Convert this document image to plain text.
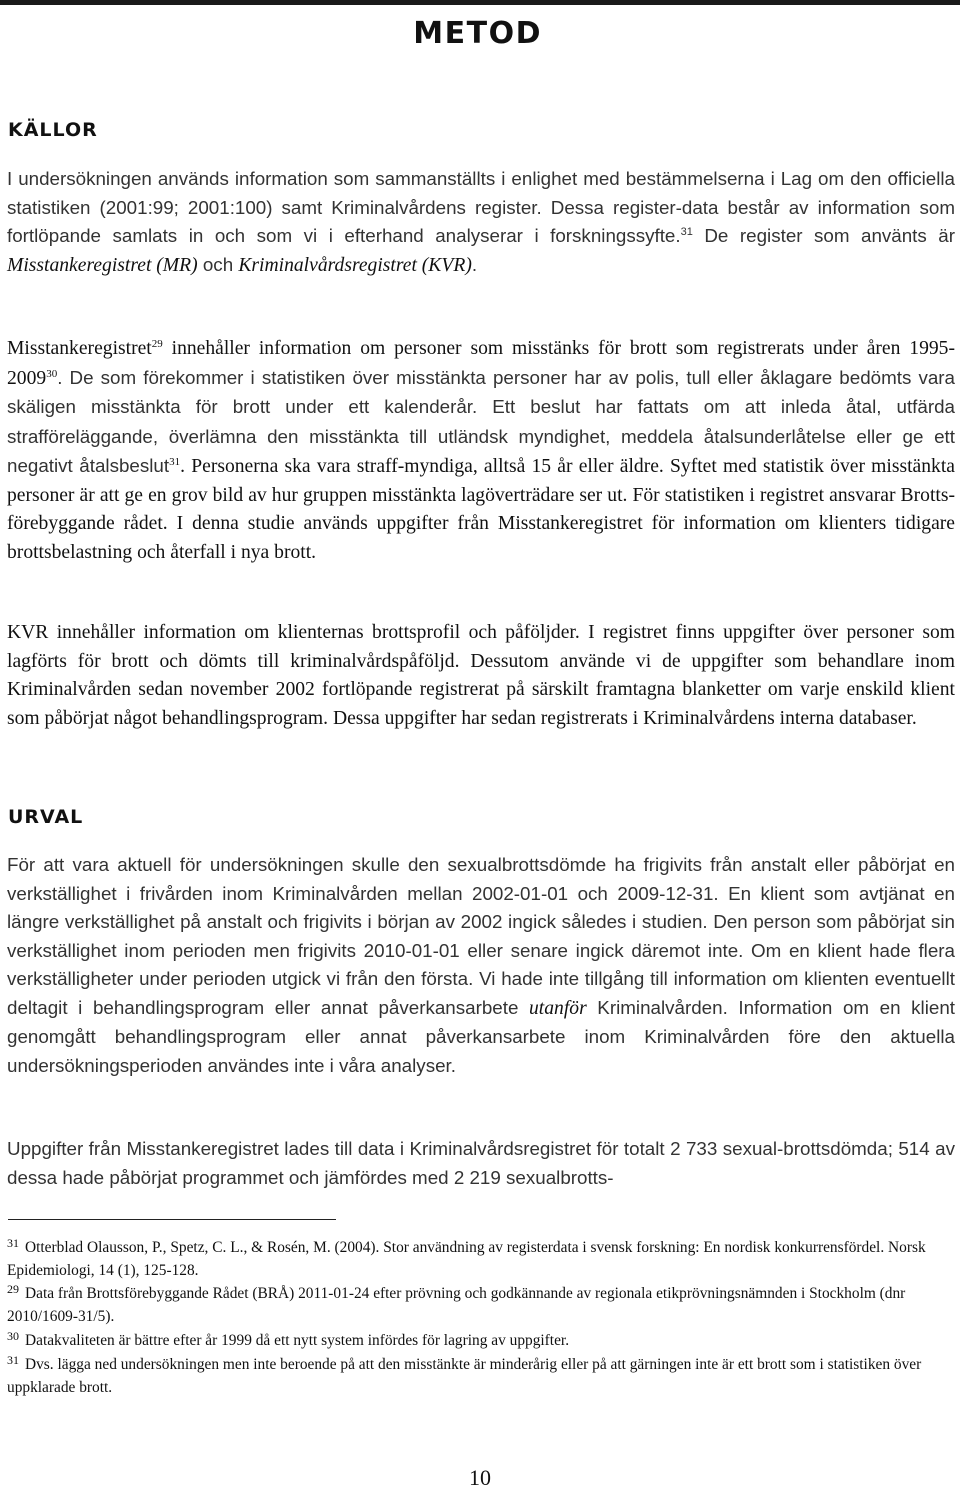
METOD
KÄLLOR

I undersökningen används information som sammanställts i enlighet med bestämmelserna i Lag om den officiella statistiken (2001:99; 2001:100) samt Kriminalvårdens register. Dessa register-data består av information som fortlöpande samlats in och som vi i efterhand analyserar i forskningssyfte.$^{31}$ De register som använts är Misstankeregistret (MR) och Kriminalvårdsregistret (KVR).

Misstankeregistret$^{29}$ innehåller information om personer som misstänks för brott som registrerats under åren 1995-2009$^{30}$. De som förekommer i statistiken över misstänkta personer har av polis, tull eller åklagare bedömts vara skäligen misstänkta för brott under ett kalenderår. Ett beslut har fattats om att inleda åtal, utfärda strafföreläggande, överlämna den misstänkta till utländsk myndighet, meddela åtalsunderlåtelse eller ge ett negativt åtalsbeslut$^{31}$. Personerna ska vara straff-myndiga, alltså 15 år eller äldre. Syftet med statistik över misstänkta personer är att ge en grov bild av hur gruppen misstänkta lagöverträdare ser ut. För statistiken i registret ansvarar Brotts-förebyggande rådet. I denna studie används uppgifter från Misstankeregistret för information om klienters tidigare brottsbelastning och återfall i nya brott.

KVR innehåller information om klienternas brottsprofil och påföljder. I registret finns uppgifter över personer som lagförts för brott och dömts till kriminalvårdspåföljd. Dessutom använde vi de uppgifter som behandlare inom Kriminalvården sedan november 2002 fortlöpande registrerat på särskilt framtagna blanketter om varje enskild klient som påbörjat något behandlingsprogram. Dessa uppgifter har sedan registrerats i Kriminalvårdens interna databaser.

URVAL

För att vara aktuell för undersökningen skulle den sexualbrottsdömde ha frigivits från anstalt eller påbörjat en verkställighet i frivården inom Kriminalvården mellan 2002-01-01 och 2009-12-31. En klient som avtjänat en längre verkställighet på anstalt och frigivits i början av 2002 ingick således i studien. Den person som påbörjat sin verkställighet inom perioden men frigivits 2010-01-01 eller senare ingick däremot inte. Om en klient hade flera verkställigheter under perioden utgick vi från den första. Vi hade inte tillgång till information om klienten eventuellt deltagit i behandlingsprogram eller annat påverkansarbete utanför Kriminalvården. Information om en klient genomgått behandlingsprogram eller annat påverkansarbete inom Kriminalvården före den aktuella undersökningsperioden användes inte i våra analyser.

Uppgifter från Misstankeregistret lades till data i Kriminalvårdsregistret för totalt 2 733 sexual-brottsdömda; 514 av dessa hade påbörjat programmet och jämfördes med 2 219 sexualbrotts-

$^{31}$ Otterblad Olausson, P., Spetz, C. L., & Rosén, M. (2004). Stor användning av registerdata i svensk forskning: En nordisk konkurrensfördel. Norsk Epidemiologi, 14 (1), 125-128.

$^{29}$ Data från Brottsförebyggande Rådet (BRÅ) 2011-01-24 efter prövning och godkännande av regionala etikprövningsnämnden i Stockholm (dnr 2010/1609-31/5).

$^{30}$ Datakvaliteten är bättre efter år 1999 då ett nytt system infördes för lagring av uppgifter.

$^{31}$ Dvs. lägga ned undersökningen men inte beroende på att den misstänkte är minderårig eller på att gärningen inte är ett brott som i statistiken över uppklarade brott.

10
